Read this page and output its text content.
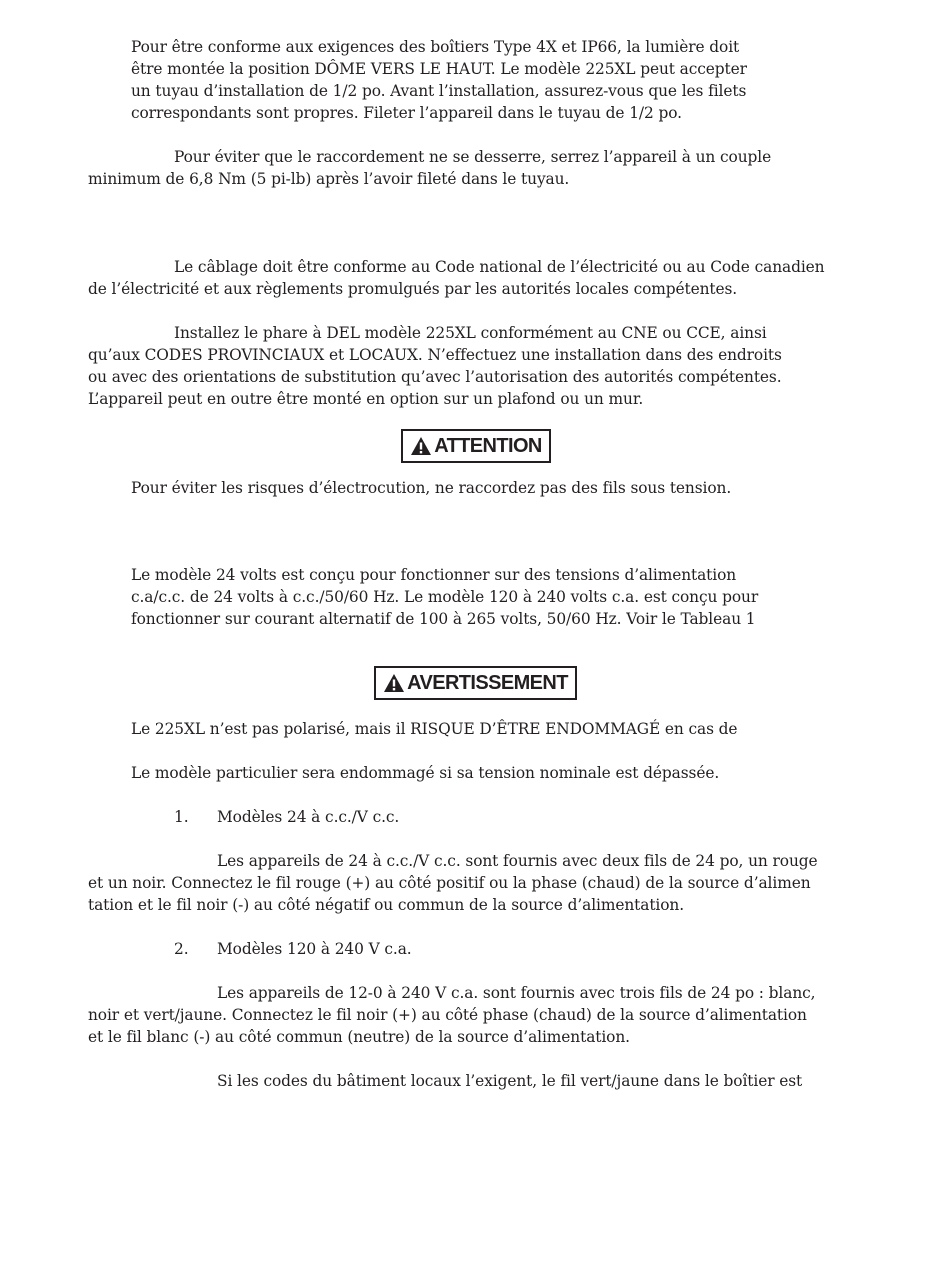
Pour être conforme aux exigences des boîtiers Type 4X et IP66, la lumière doit
être montée la position DÔME VERS LE HAUT. Le modèle 225XL peut accepter
un tuyau d’installation de 1/2 po. Avant l’installation, assurez-vous que les filets
correspondants sont propres. Fileter l’appareil dans le tuyau de 1/2 po.
Pour éviter que le raccordement ne se desserre, serrez l’appareil à un couple
minimum de 6,8 Nm (5 pi-lb) après l’avoir fileté dans le tuyau.
Le câblage doit être conforme au Code national de l’électricité ou au Code canadien
de l’électricité et aux règlements promulgués par les autorités locales compétentes.
Installez le phare à DEL modèle 225XL conformément au CNE ou CCE, ainsi
qu’aux CODES PROVINCIAUX et LOCAUX. N’effectuez une installation dans des endroits
ou avec des orientations de substitution qu’avec l’autorisation des autorités compétentes.
L’appareil peut en outre être monté en option sur un plafond ou un mur.
ATTENTION
Pour éviter les risques d’électrocution, ne raccordez pas des fils sous tension.
Le modèle 24 volts est conçu pour fonctionner sur des tensions d’alimentation
c.a/c.c. de 24 volts à c.c./50/60 Hz. Le modèle 120 à 240 volts c.a. est conçu pour
fonctionner sur courant alternatif de 100 à 265 volts, 50/60 Hz. Voir le Tableau 1
AVERTISSEMENT
Le 225XL n’est pas polarisé, mais il RISQUE D’ÊTRE ENDOMMAGÉ en cas de
Le modèle particulier sera endommagé si sa tension nominale est dépassée.
1. Modèles 24 à c.c./V c.c.
Les appareils de 24 à c.c./V c.c. sont fournis avec deux fils de 24 po, un rouge
et un noir. Connectez le fil rouge (+) au côté positif ou la phase (chaud) de la source d’alimen
tation et le fil noir (-) au côté négatif ou commun de la source d’alimentation.
2. Modèles 120 à 240 V c.a.
Les appareils de 12-0 à 240 V c.a. sont fournis avec trois fils de 24 po : blanc,
noir et vert/jaune. Connectez le fil noir (+) au côté phase (chaud) de la source d’alimentation
et le fil blanc (-) au côté commun (neutre) de la source d’alimentation.
Si les codes du bâtiment locaux l’exigent, le fil vert/jaune dans le boîtier est
